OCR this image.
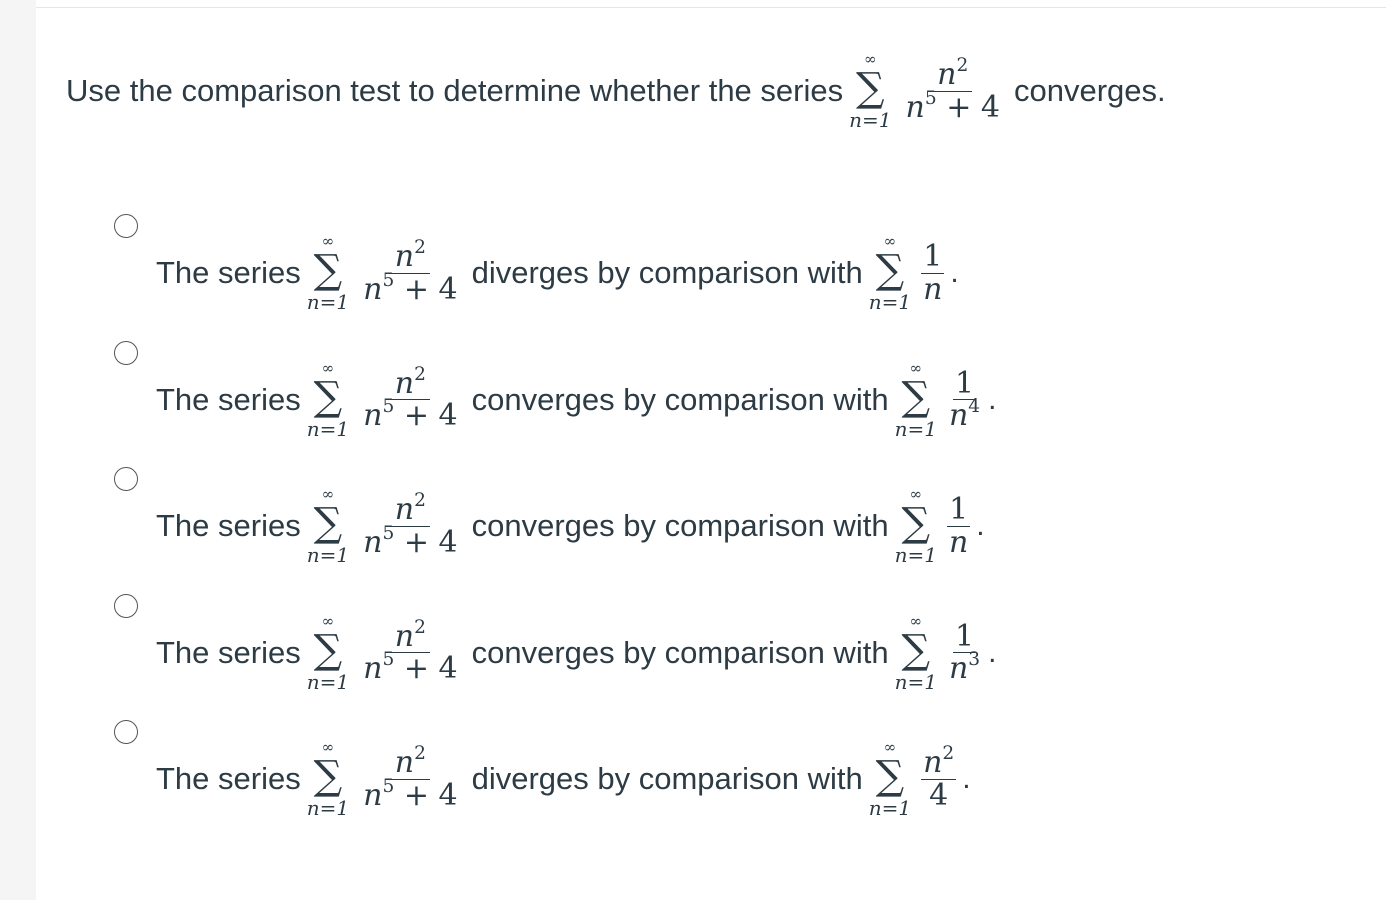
Use the comparison test to determine whether the series
∞
∑
$n=1 \frac{n^2}{n^5 + 4}$ converges.
The series
∞
∑
$n=1 \frac{n^2}{n^5 + 4}$ diverges by comparison with
∞
∑
$n=1 \frac{1}{n}$ .
The series
∞
∑
$n=1 \frac{n^2}{n^5 + 4}$ converges by comparison with
∞
∑
$n=1 \frac{1}{n^4}$ .
The series
∞
∑
$n=1 \frac{n^2}{n^5 + 4}$ converges by comparison with
∞
∑
$n=1 \frac{1}{n}$ .
The series
∞
∑
$n=1 \frac{n^2}{n^5 + 4}$ converges by comparison with
∞
∑
$n=1 \frac{1}{n^3}$ .
The series
∞
∑
$n=1 \frac{n^2}{n^5 + 4}$ diverges by comparison with
∞
∑
$n=1 \frac{n^2}{4}$ .
